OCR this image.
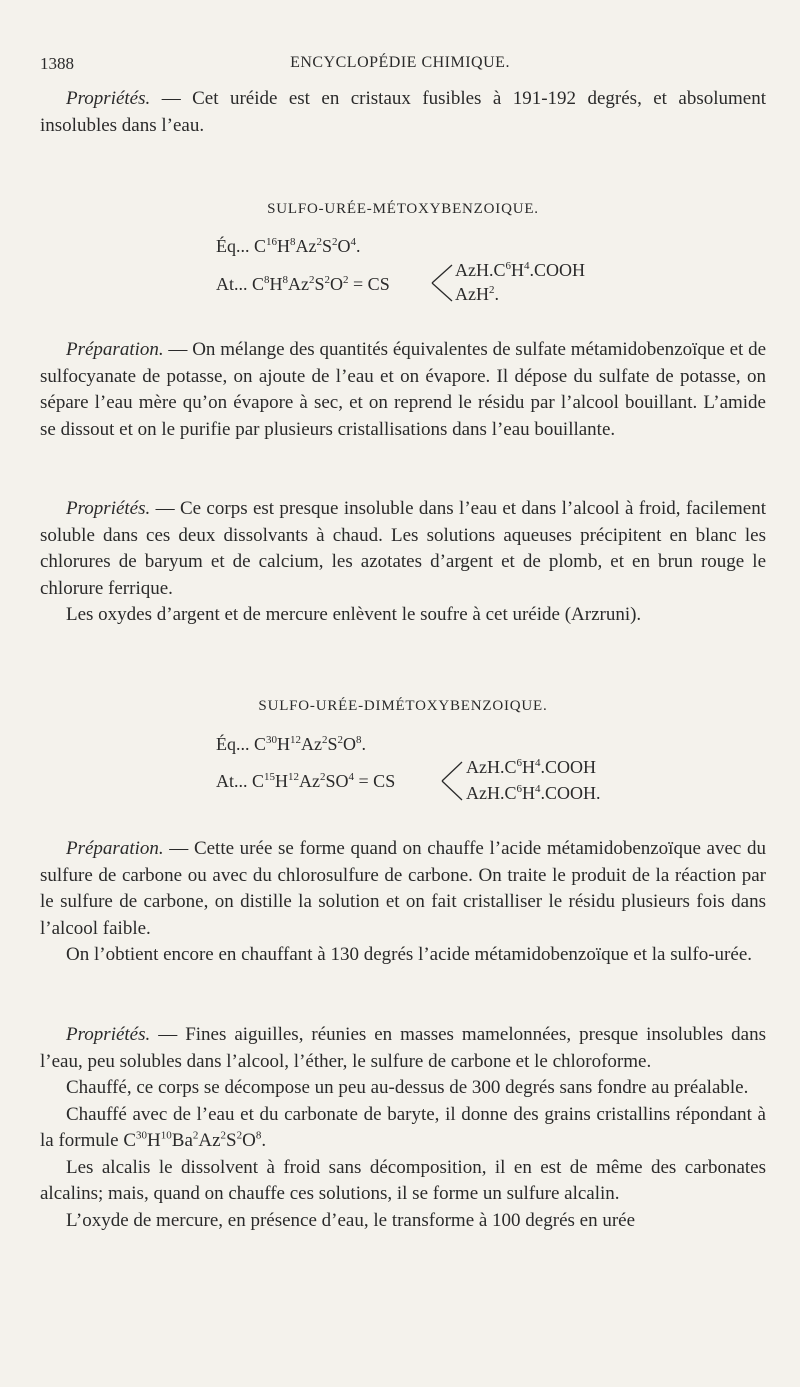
1388	ENCYCLOPÉDIE CHIMIQUE.

Propriétés. — Cet uréide est en cristaux fusibles à 191-192 degrés, et absolument insolubles dans l’eau.

SULFO-URÉE-MÉTOXYBENZOIQUE.

Éq... $C^{16}H^8Az^2S^2O^4$.
At... $C^8H^8Az^2S^2O^2$ = CS
$AzH.C^6H^4.COOH$
AzH$^2$.

Préparation. — On mélange des quantités équivalentes de sulfate métamidobenzoïque et de sulfocyanate de potasse, on ajoute de l’eau et on évapore. Il dépose du sulfate de potasse, on sépare l’eau mère qu’on évapore à sec, et on reprend le résidu par l’alcool bouillant. L’amide se dissout et on le purifie par plusieurs cristallisations dans l’eau bouillante.

Propriétés. — Ce corps est presque insoluble dans l’eau et dans l’alcool à froid, facilement soluble dans ces deux dissolvants à chaud. Les solutions aqueuses précipitent en blanc les chlorures de baryum et de calcium, les azotates d’argent et de plomb, et en brun rouge le chlorure ferrique.

Les oxydes d’argent et de mercure enlèvent le soufre à cet uréide (Arzruni).

SULFO-URÉE-DIMÉTOXYBENZOIQUE.

Éq... $C^{30}H^{12}Az^2S^2O^8$.
At... $C^{15}H^{12}Az^2SO^4$ = CS
$AzH.C^6H^4.COOH$
$AzH.C^6H^4.COOH$.

Préparation. — Cette urée se forme quand on chauffe l’acide métamidobenzoïque avec du sulfure de carbone ou avec du chlorosulfure de carbone. On traite le produit de la réaction par le sulfure de carbone, on distille la solution et on fait cristalliser le résidu plusieurs fois dans l’alcool faible.

On l’obtient encore en chauffant à 130 degrés l’acide métamidobenzoïque et la sulfo-urée.

Propriétés. — Fines aiguilles, réunies en masses mamelonnées, presque insolubles dans l’eau, peu solubles dans l’alcool, l’éther, le sulfure de carbone et le chloroforme.

Chauffé, ce corps se décompose un peu au-dessus de 300 degrés sans fondre au préalable.

Chauffé avec de l’eau et du carbonate de baryte, il donne des grains cristallins répondant à la formule $C^{30}H^{10}Ba^2Az^2S^2O^8$.

Les alcalis le dissolvent à froid sans décomposition, il en est de même des carbonates alcalins; mais, quand on chauffe ces solutions, il se forme un sulfure alcalin.

L’oxyde de mercure, en présence d’eau, le transforme à 100 degrés en urée
